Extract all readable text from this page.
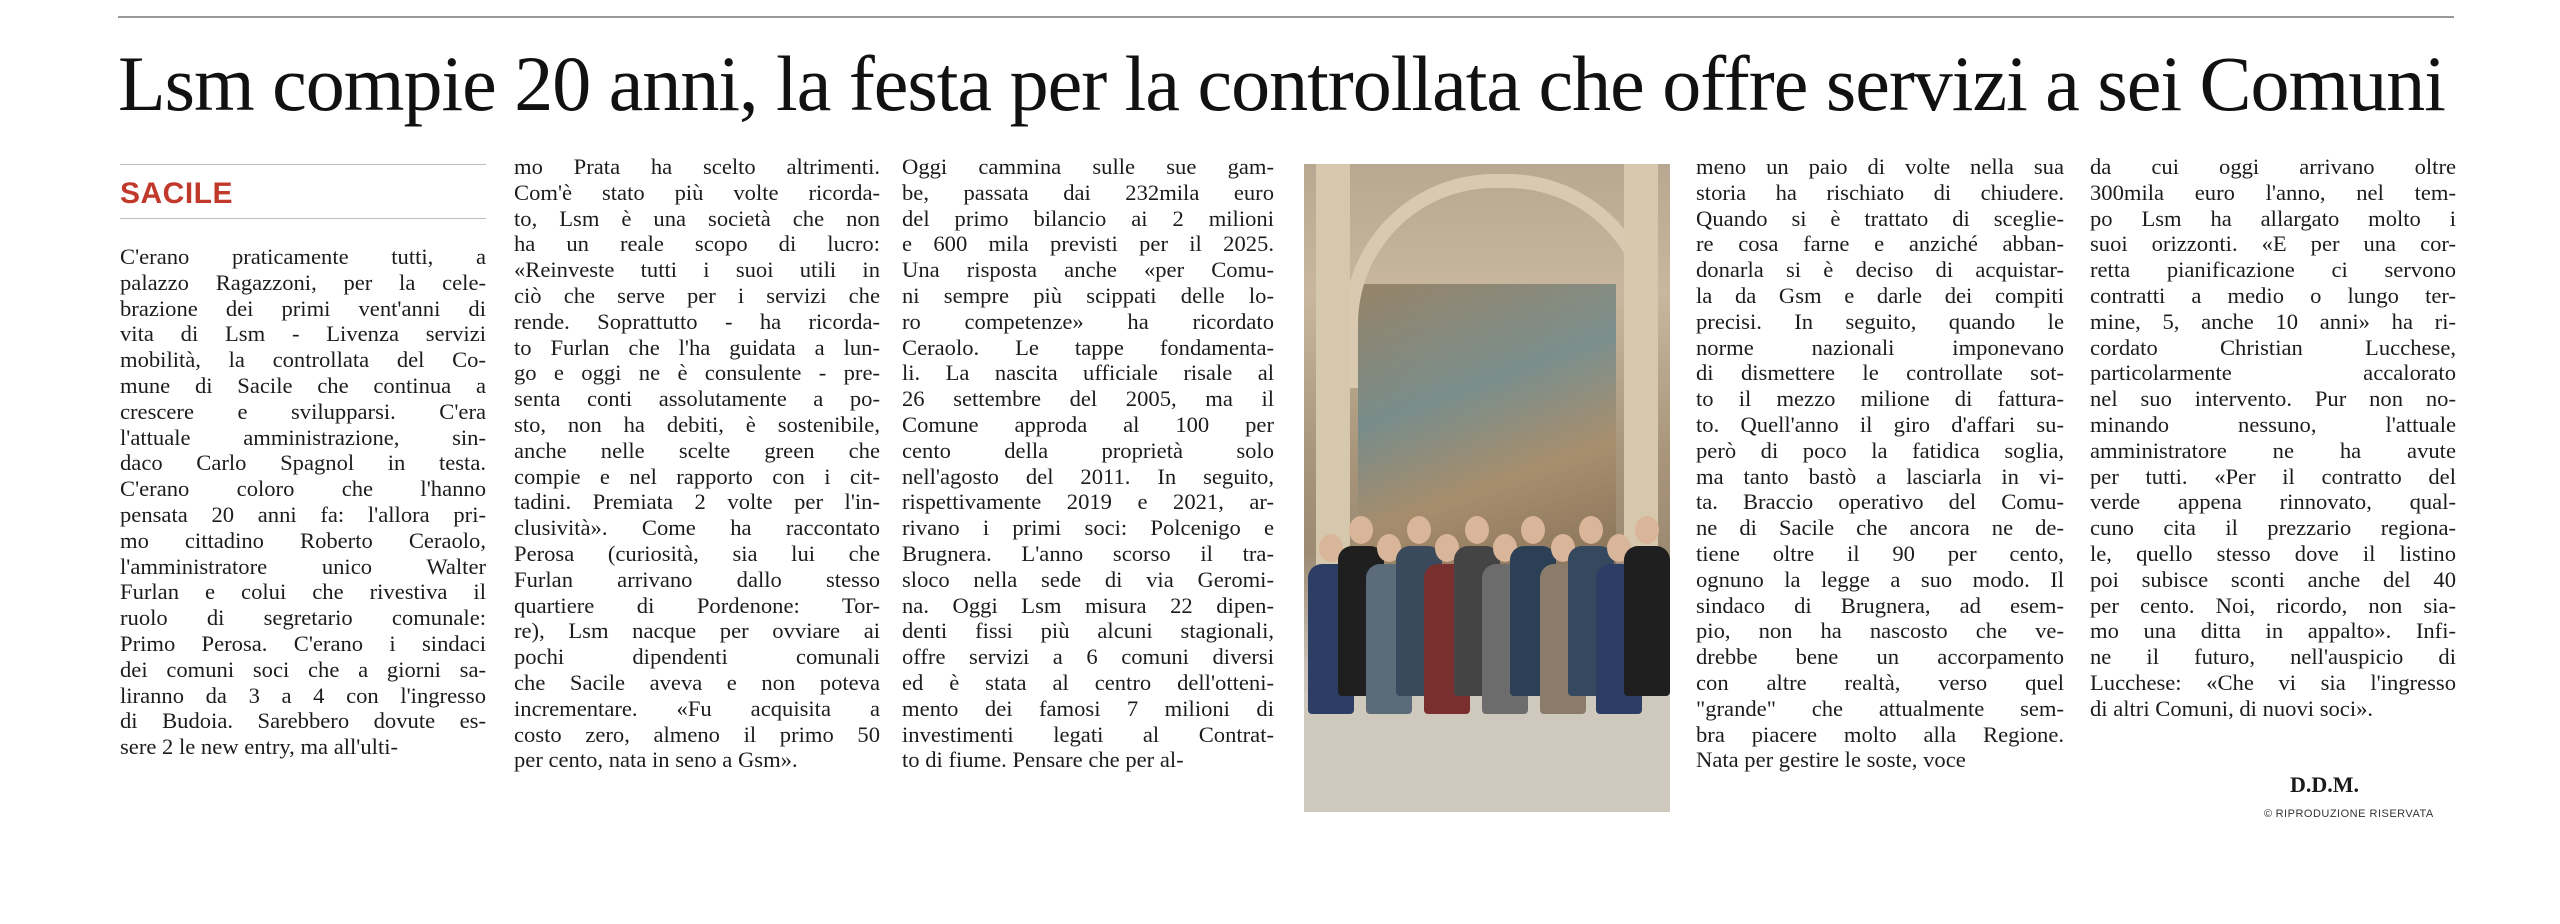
Lsm compie 20 anni, la festa per la controllata che offre servizi a sei Comuni
SACILE
C'erano praticamente tutti, a
palazzo Ragazzoni, per la cele-
brazione dei primi vent'anni di
vita di Lsm - Livenza servizi
mobilità, la controllata del Co-
mune di Sacile che continua a
crescere e svilupparsi. C'era
l'attuale amministrazione, sin-
daco Carlo Spagnol in testa.
C'erano coloro che l'hanno
pensata 20 anni fa: l'allora pri-
mo cittadino Roberto Ceraolo,
l'amministratore unico Walter
Furlan e colui che rivestiva il
ruolo di segretario comunale:
Primo Perosa. C'erano i sindaci
dei comuni soci che a giorni sa-
liranno da 3 a 4 con l'ingresso
di Budoia. Sarebbero dovute es-
sere 2 le new entry, ma all'ulti-
mo Prata ha scelto altrimenti.
Com'è stato più volte ricorda-
to, Lsm è una società che non
ha un reale scopo di lucro:
«Reinveste tutti i suoi utili in
ciò che serve per i servizi che
rende. Soprattutto - ha ricorda-
to Furlan che l'ha guidata a lun-
go e oggi ne è consulente - pre-
senta conti assolutamente a po-
sto, non ha debiti, è sostenibile,
anche nelle scelte green che
compie e nel rapporto con i cit-
tadini. Premiata 2 volte per l'in-
clusività». Come ha raccontato
Perosa (curiosità, sia lui che
Furlan arrivano dallo stesso
quartiere di Pordenone: Tor-
re), Lsm nacque per ovviare ai
pochi dipendenti comunali
che Sacile aveva e non poteva
incrementare. «Fu acquisita a
costo zero, almeno il primo 50
per cento, nata in seno a Gsm».
Oggi cammina sulle sue gam-
be, passata dai 232mila euro
del primo bilancio ai 2 milioni
e 600 mila previsti per il 2025.
Una risposta anche «per Comu-
ni sempre più scippati delle lo-
ro competenze» ha ricordato
Ceraolo. Le tappe fondamenta-
li. La nascita ufficiale risale al
26 settembre del 2005, ma il
Comune approda al 100 per
cento della proprietà solo
nell'agosto del 2011. In seguito,
rispettivamente 2019 e 2021, ar-
rivano i primi soci: Polcenigo e
Brugnera. L'anno scorso il tra-
sloco nella sede di via Geromi-
na. Oggi Lsm misura 22 dipen-
denti fissi più alcuni stagionali,
offre servizi a 6 comuni diversi
ed è stata al centro dell'otteni-
mento dei famosi 7 milioni di
investimenti legati al Contrat-
to di fiume. Pensare che per al-
meno un paio di volte nella sua
storia ha rischiato di chiudere.
Quando si è trattato di sceglie-
re cosa farne e anziché abban-
donarla si è deciso di acquistar-
la da Gsm e darle dei compiti
precisi. In seguito, quando le
norme nazionali imponevano
di dismettere le controllate sot-
to il mezzo milione di fattura-
to. Quell'anno il giro d'affari su-
però di poco la fatidica soglia,
ma tanto bastò a lasciarla in vi-
ta. Braccio operativo del Comu-
ne di Sacile che ancora ne de-
tiene oltre il 90 per cento,
ognuno la legge a suo modo. Il
sindaco di Brugnera, ad esem-
pio, non ha nascosto che ve-
drebbe bene un accorpamento
con altre realtà, verso quel
"grande" che attualmente sem-
bra piacere molto alla Regione.
Nata per gestire le soste, voce
da cui oggi arrivano oltre
300mila euro l'anno, nel tem-
po Lsm ha allargato molto i
suoi orizzonti. «E per una cor-
retta pianificazione ci servono
contratti a medio o lungo ter-
mine, 5, anche 10 anni» ha ri-
cordato Christian Lucchese,
particolarmente accalorato
nel suo intervento. Pur non no-
minando nessuno, l'attuale
amministratore ne ha avute
per tutti. «Per il contratto del
verde appena rinnovato, qual-
cuno cita il prezzario regiona-
le, quello stesso dove il listino
poi subisce sconti anche del 40
per cento. Noi, ricordo, non sia-
mo una ditta in appalto». Infi-
ne il futuro, nell'auspicio di
Lucchese: «Che vi sia l'ingresso
di altri Comuni, di nuovi soci».
D.D.M.
© RIPRODUZIONE RISERVATA
